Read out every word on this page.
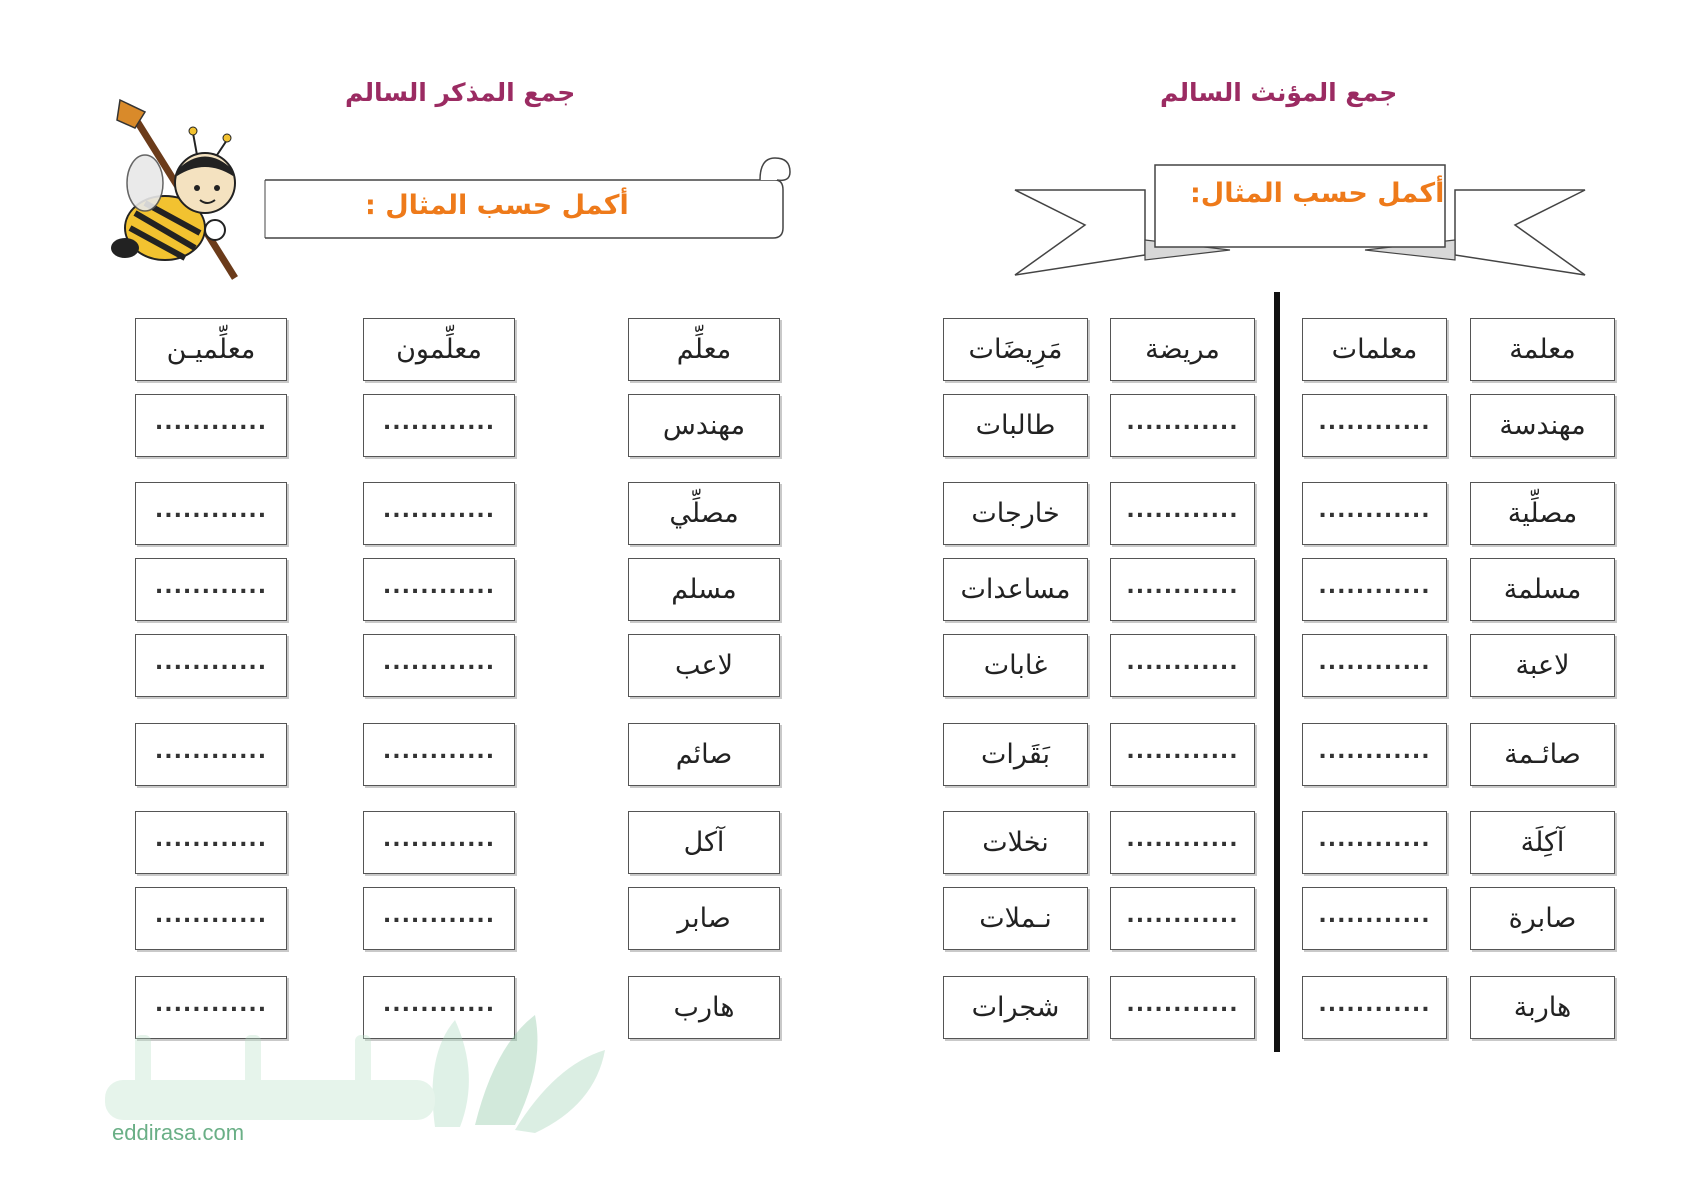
جمع المؤنث السالم
جمع المذكر السالم
أكمل حسب المثال:
أكمل حسب المثال :
معلمة
مهندسة
مصلِّية
مسلمة
لاعبة
صائـمة
آكِلَة
صابرة
هاربة
معلمات
............
............
............
............
............
............
............
............
مريضة
............
............
............
............
............
............
............
............
مَرِيضَات
طالبات
خارجات
مساعدات
غابات
بَقَرات
نخلات
نـملات
شجرات
معلِّم
مهندس
مصلِّي
مسلم
لاعب
صائم
آكل
صابر
هارب
معلِّمون
............
............
............
............
............
............
............
............
معلِّميـن
............
............
............
............
............
............
............
............
eddirasa.com
